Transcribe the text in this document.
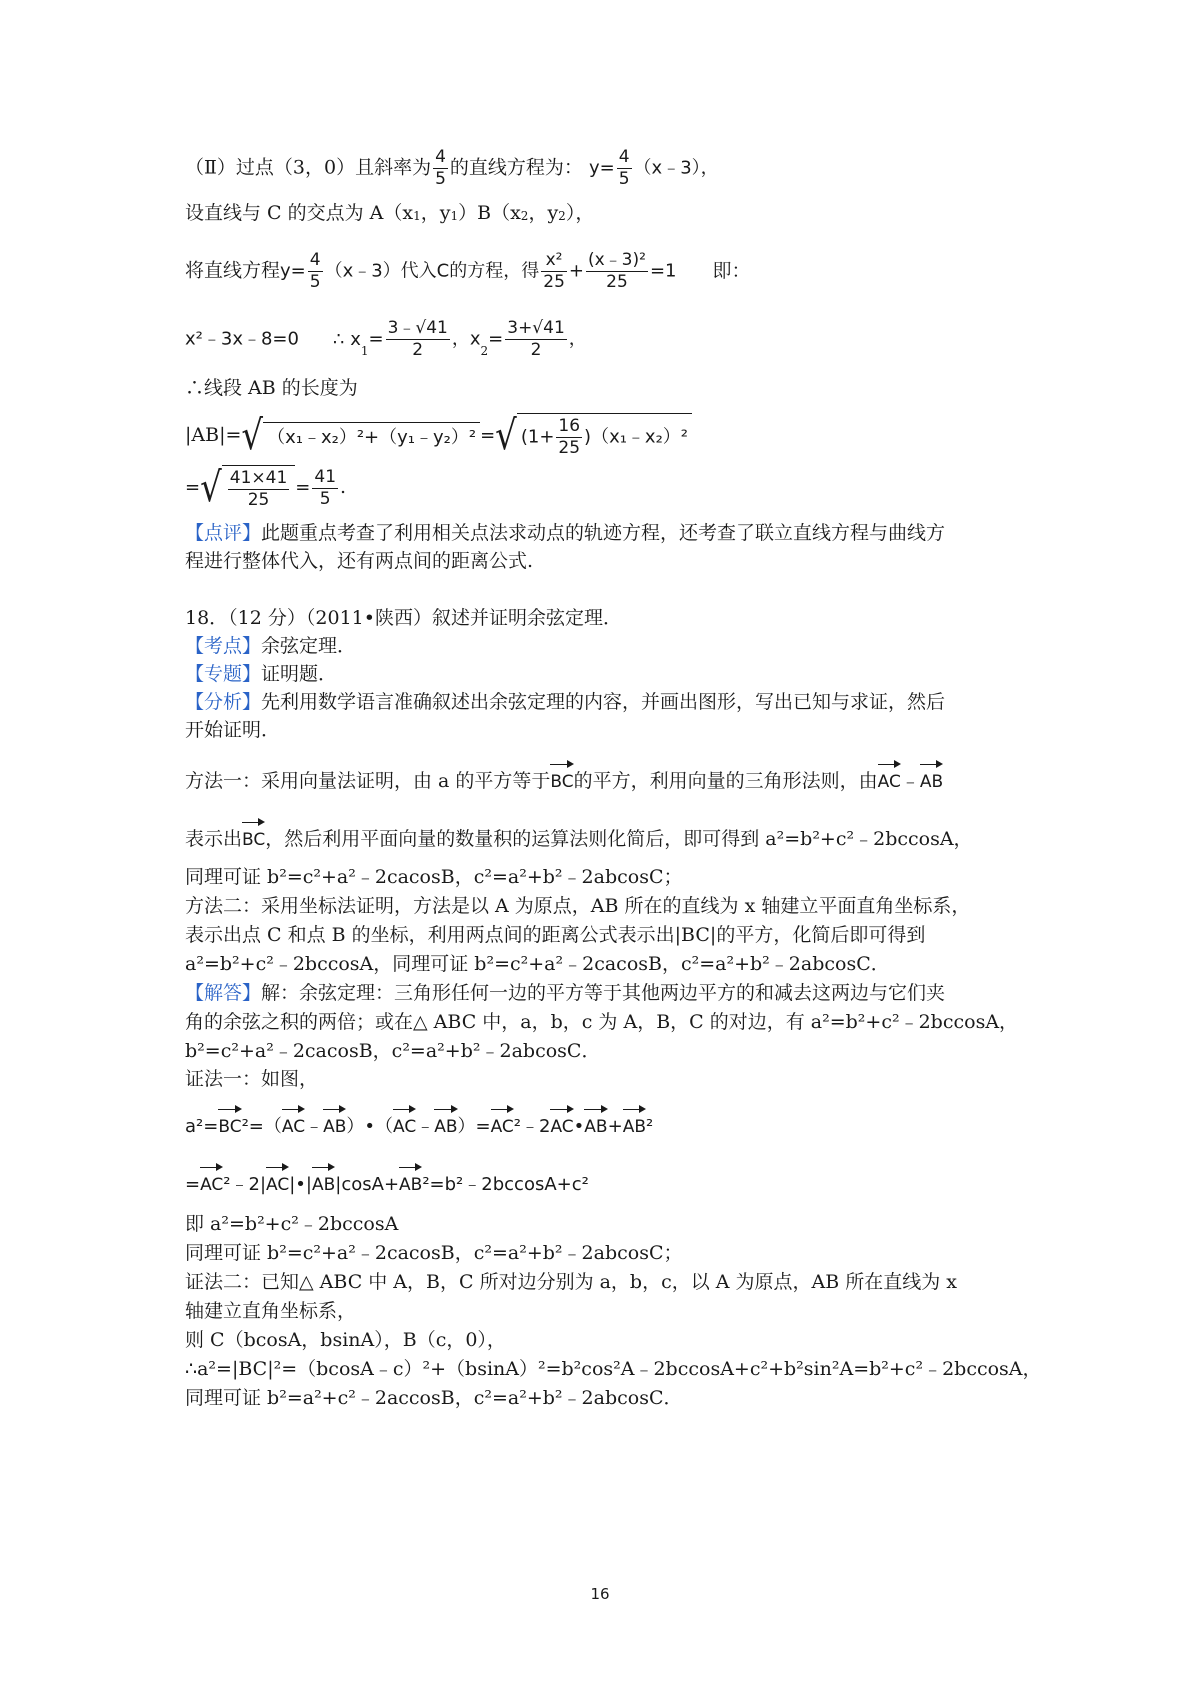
（Ⅱ）过点（3，0）且斜率为 $\frac{4}{5}$ 的直线方程为： $y= \frac{4}{5}$ （x﹣3），
设直线与 C 的交点为 $A(x_1$，$y_1)B(x_2$，$y_2$），
将直线方程$y= \frac{4}{5}$ （x﹣3）代入C的方程，得 $\frac{\text{x²}}{25} + \frac{\text{(x﹣3)²}}{25} =1$ 即：
x²﹣3x﹣8=0 ∴ $x_1= \frac{3﹣√41}{2}$ ，$x_2= \frac{3+√41}{2}$ ，
∴线段 AB 的长度为
|AB|=√ （x₁﹣x₂）²+（y₁﹣y₂）² =√ ($1+ \frac{16}{25}$ )（x₁﹣x₂）²
=√ $\frac{41\times 41}{25} = \frac{41}{5}$ .
【点评】此题重点考查了利用相关点法求动点的轨迹方程，还考查了联立直线方程与曲线方
程进行整体代入，还有两点间的距离公式.
18．（12 分）（2011•陕西）叙述并证明余弦定理．
【考点】余弦定理．
【专题】证明题．
【分析】先利用数学语言准确叙述出余弦定理的内容，并画出图形，写出已知与求证，然后
开始证明．
方法一：采用向量法证明，由 a 的平方等于BC的平方，利用向量的三角形法则，由AC﹣AB
表示出BC，然后利用平面向量的数量积的运算法则化简后，即可得到 a²=b²+c²﹣2bccosA，
同理可证 b²=c²+a²﹣2cacosB，c²=a²+b²﹣2abcosC；
方法二：采用坐标法证明，方法是以 A 为原点，AB 所在的直线为 x 轴建立平面直角坐标系，
表示出点 C 和点 B 的坐标，利用两点间的距离公式表示出|BC|的平方，化简后即可得到
a²=b²+c²﹣2bccosA，同理可证 b²=c²+a²﹣2cacosB，c²=a²+b²﹣2abcosC．
【解答】解：余弦定理：三角形任何一边的平方等于其他两边平方的和减去这两边与它们夹
角的余弦之积的两倍；或在△ ABC 中，a，b，c 为 A，B，C 的对边，有 a²=b²+c²﹣2bccosA，
b²=c²+a²﹣2cacosB，c²=a²+b²﹣2abcosC．
证法一：如图，
a²=BC²=（AC﹣AB）•（AC﹣AB）=AC²﹣2AC•AB+AB²
=AC²﹣2|AC|•|AB|cosA+AB²=b²﹣2bccosA+c²
即 a²=b²+c²﹣2bccosA
同理可证 b²=c²+a²﹣2cacosB，c²=a²+b²﹣2abcosC；
证法二：已知△ ABC 中 A，B，C 所对边分别为 a，b，c，以 A 为原点，AB 所在直线为 x
轴建立直角坐标系，
则 C（bcosA，bsinA），B（c，0），
∴a²=|BC|²=（bcosA﹣c）²+（bsinA）²=b²cos²A﹣2bccosA+c²+b²sin²A=b²+c²﹣2bccosA，
同理可证 b²=a²+c²﹣2accosB，c²=a²+b²﹣2abcosC．
16
